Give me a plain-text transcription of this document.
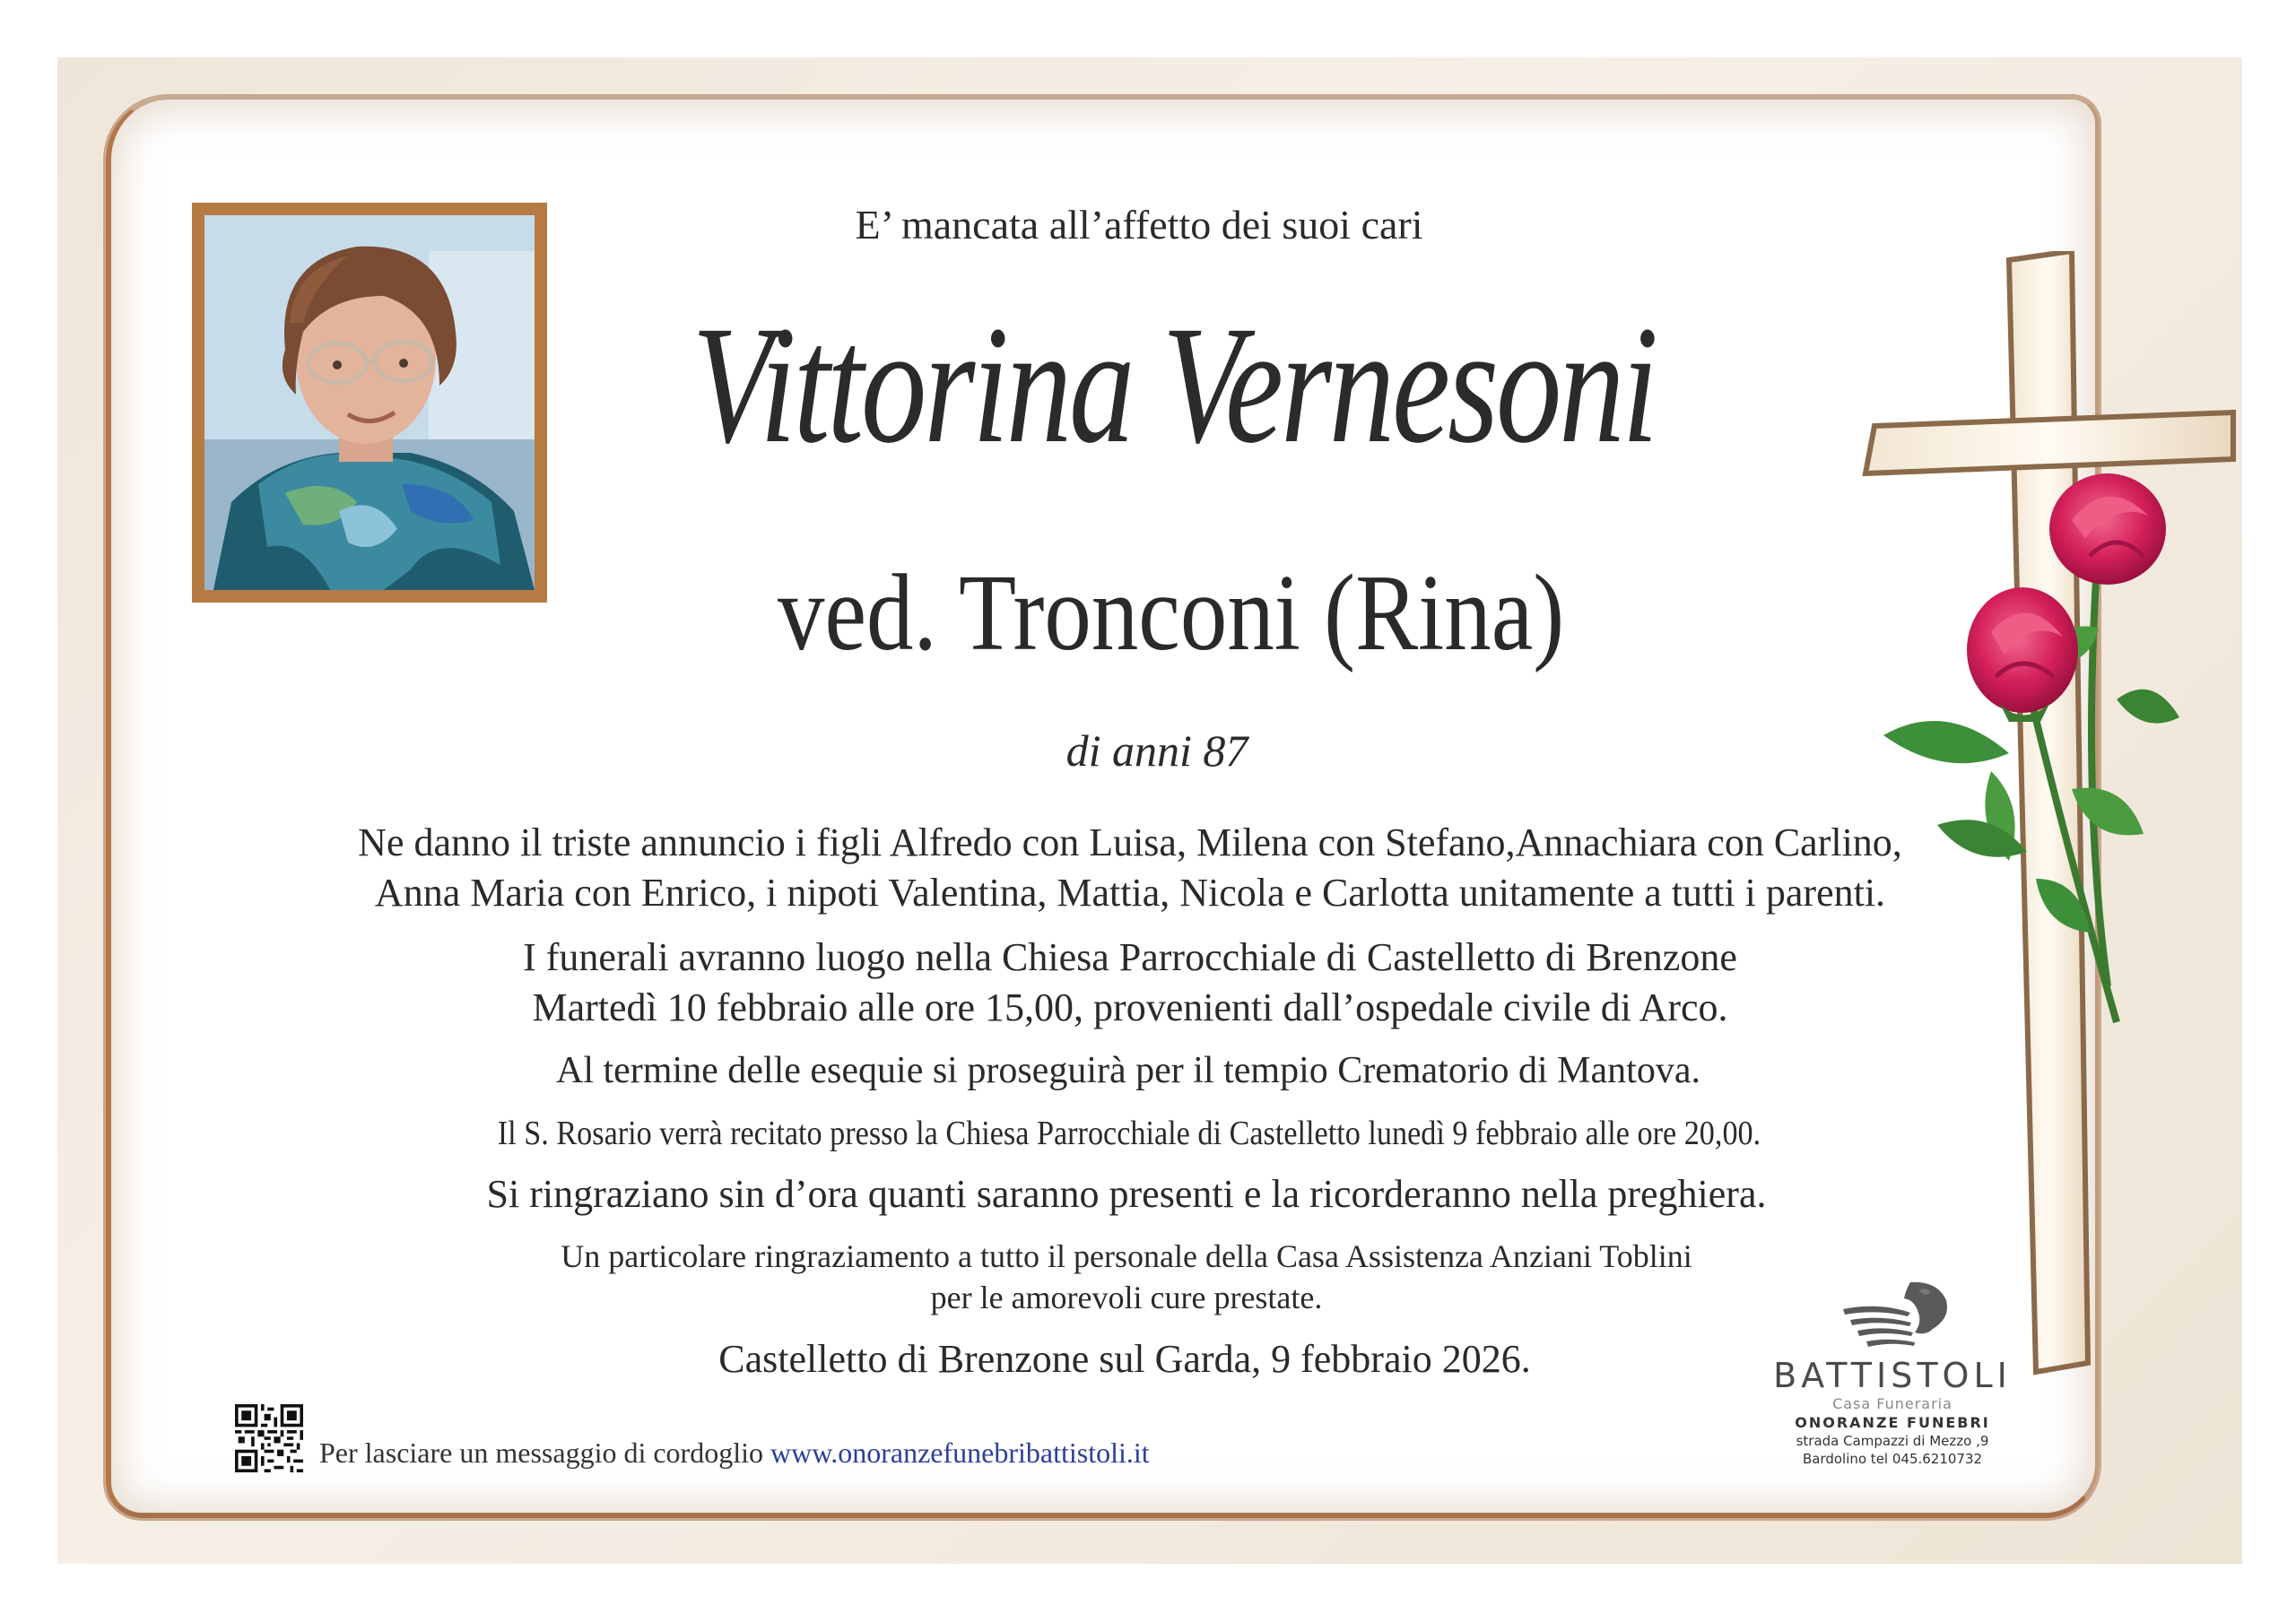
E’ mancata all’affetto dei suoi cari
Vittorina Vernesoni
ved. Tronconi (Rina)
di anni 87
Ne danno il triste annuncio i figli Alfredo con Luisa, Milena con Stefano,Annachiara con Carlino,
Anna Maria con Enrico, i nipoti Valentina, Mattia, Nicola e Carlotta unitamente a tutti i parenti.
I funerali avranno luogo nella Chiesa Parrocchiale di Castelletto di Brenzone
Martedì 10 febbraio alle ore 15,00, provenienti dall’ospedale civile di Arco.
Al termine delle esequie si proseguirà per il tempio Crematorio di Mantova.
Il S. Rosario verrà recitato presso la Chiesa Parrocchiale di Castelletto lunedì 9 febbraio alle ore 20,00.
Si ringraziano sin d’ora quanti saranno presenti e la ricorderanno nella preghiera.
Un particolare ringraziamento a tutto il personale della Casa Assistenza Anziani Toblini
per le amorevoli cure prestate.
Castelletto di Brenzone sul Garda, 9 febbraio 2026.
Per lasciare un messaggio di cordoglio www.onoranzefunebribattistoli.it
BATTISTOLI
Casa Funeraria
ONORANZE FUNEBRI
strada Campazzi di Mezzo ,9
Bardolino tel 045.6210732
